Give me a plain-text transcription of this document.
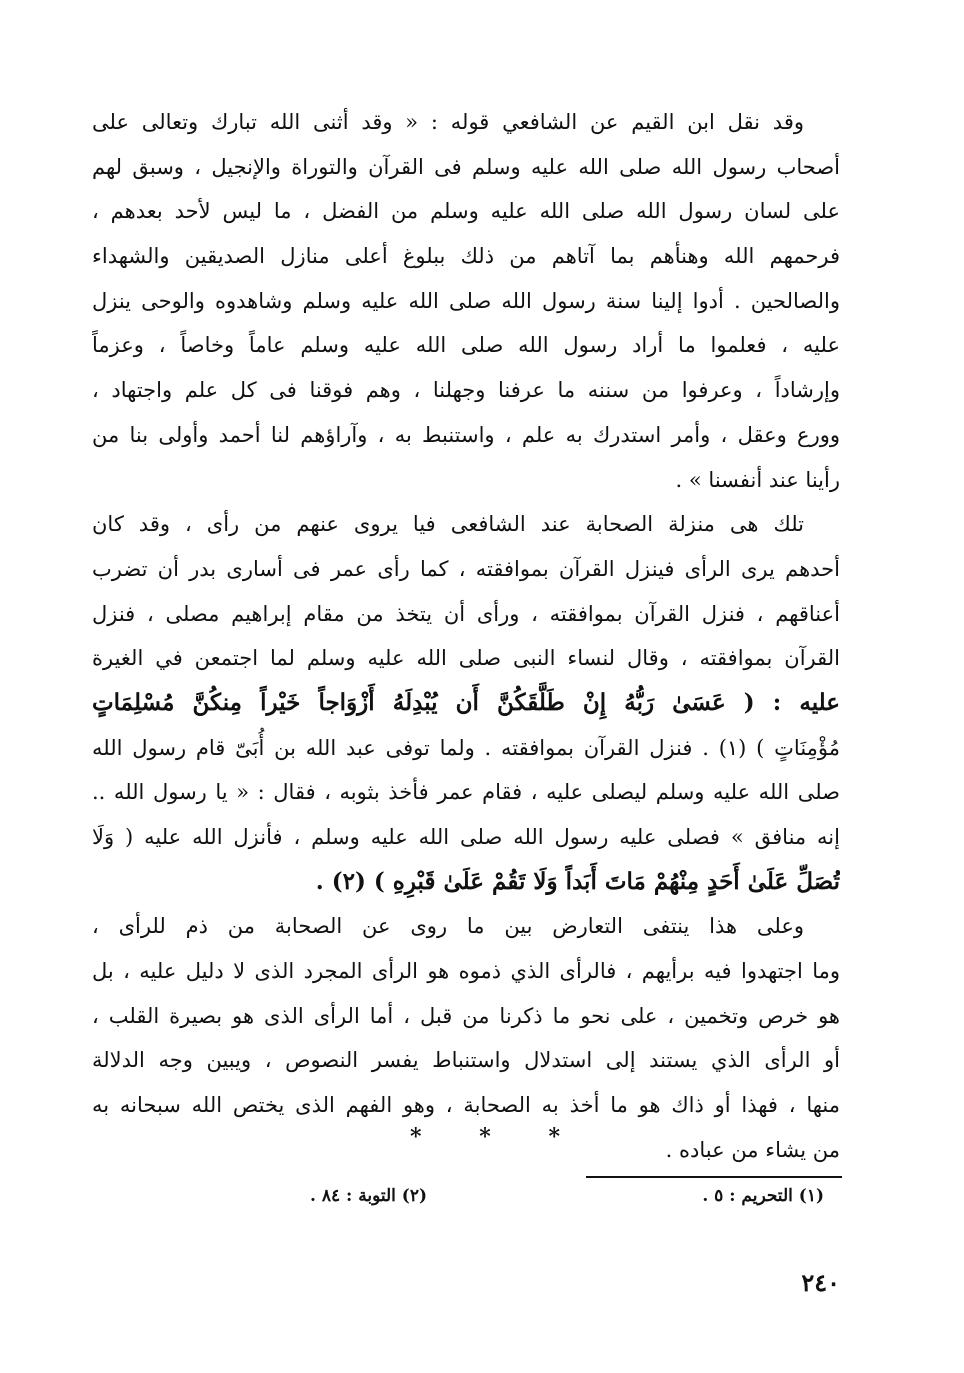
وقد نقل ابن القيم عن الشافعي قوله : « وقد أثنى الله تبارك وتعالى على
أصحاب رسول الله صلى الله عليه وسلم فى القرآن والتوراة والإنجيل ، وسبق لهم
على لسان رسول الله صلى الله عليه وسلم من الفضل ، ما ليس لأحد بعدهم ،
فرحمهم الله وهنأهم بما آتاهم من ذلك ببلوغ أعلى منازل الصديقين والشهداء
والصالحين . أدوا إلينا سنة رسول الله صلى الله عليه وسلم وشاهدوه والوحى ينزل
عليه ، فعلموا ما أراد رسول الله صلى الله عليه وسلم عاماً وخاصاً ، وعزماً
وإرشاداً ، وعرفوا من سننه ما عرفنا وجهلنا ، وهم فوقنا فى كل علم واجتهاد ،
وورع وعقل ، وأمر استدرك به علم ، واستنبط به ، وآراؤهم لنا أحمد وأولى بنا من
رأينا عند أنفسنا » .
تلك هى منزلة الصحابة عند الشافعى فيا يروى عنهم من رأى ، وقد كان
أحدهم يرى الرأى فينزل القرآن بموافقته ، كما رأى عمر فى أسارى بدر أن تضرب
أعناقهم ، فنزل القرآن بموافقته ، ورأى أن يتخذ من مقام إبراهيم مصلى ، فنزل
القرآن بموافقته ، وقال لنساء النبى صلى الله عليه وسلم لما اجتمعن في الغيرة
عليه : ( عَسَىٰ رَبُّهُ إِنْ طَلَّقَكُنَّ أَن يُبْدِلَهُ أَزْوَاجاً خَيْراً مِنكُنَّ مُسْلِمَاتٍ
مُؤْمِنَاتٍ ) (١) . فنزل القرآن بموافقته . ولما توفى عبد الله بن أُبَىّ قام رسول الله
صلى الله عليه وسلم ليصلى عليه ، فقام عمر فأخذ بثوبه ، فقال : « يا رسول الله ..
إنه منافق » فصلى عليه رسول الله صلى الله عليه وسلم ، فأنزل الله عليه ( وَلَا
تُصَلِّ عَلَىٰ أَحَدٍ مِنْهُمْ مَاتَ أَبَداً وَلَا تَقُمْ عَلَىٰ قَبْرِهِ ) (٢) .
وعلى هذا ينتفى التعارض بين ما روى عن الصحابة من ذم للرأى ،
وما اجتهدوا فيه برأيهم ، فالرأى الذي ذموه هو الرأى المجرد الذى لا دليل عليه ، بل
هو خرص وتخمين ، على نحو ما ذكرنا من قبل ، أما الرأى الذى هو بصيرة القلب ،
أو الرأى الذي يستند إلى استدلال واستنباط يفسر النصوص ، ويبين وجه الدلالة
منها ، فهذا أو ذاك هو ما أخذ به الصحابة ، وهو الفهم الذى يختص الله سبحانه به
من يشاء من عباده .
*	*	*
(١) التحريم : ٥ .
(٢) التوبة : ٨٤ .
٢٤٠
